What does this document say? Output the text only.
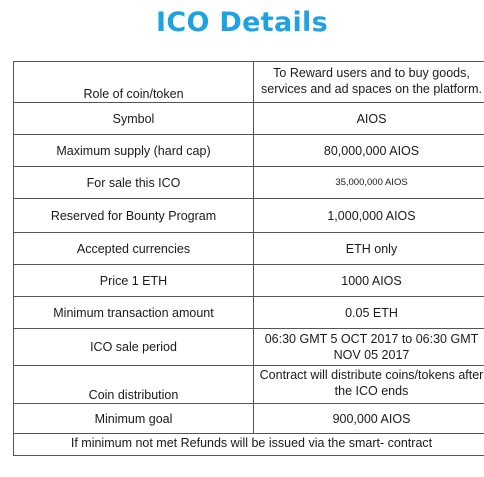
ICO Details
Role of coin/token	To Reward users and to buy goods,
services and ad spaces on the platform.
Symbol	AIOS
Maximum supply (hard cap)	80,000,000 AIOS
For sale this ICO	35,000,000 AIOS
Reserved for Bounty Program	1,000,000 AIOS
Accepted currencies	ETH only
Price 1 ETH	1000 AIOS
Minimum transaction amount	0.05 ETH
ICO sale period	06:30 GMT 5 OCT 2017 to 06:30 GMT
NOV 05 2017
Coin distribution	Contract will distribute coins/tokens after
the ICO ends
Minimum goal	900,000 AIOS
If minimum not met Refunds will be issued via the smart- contract	
